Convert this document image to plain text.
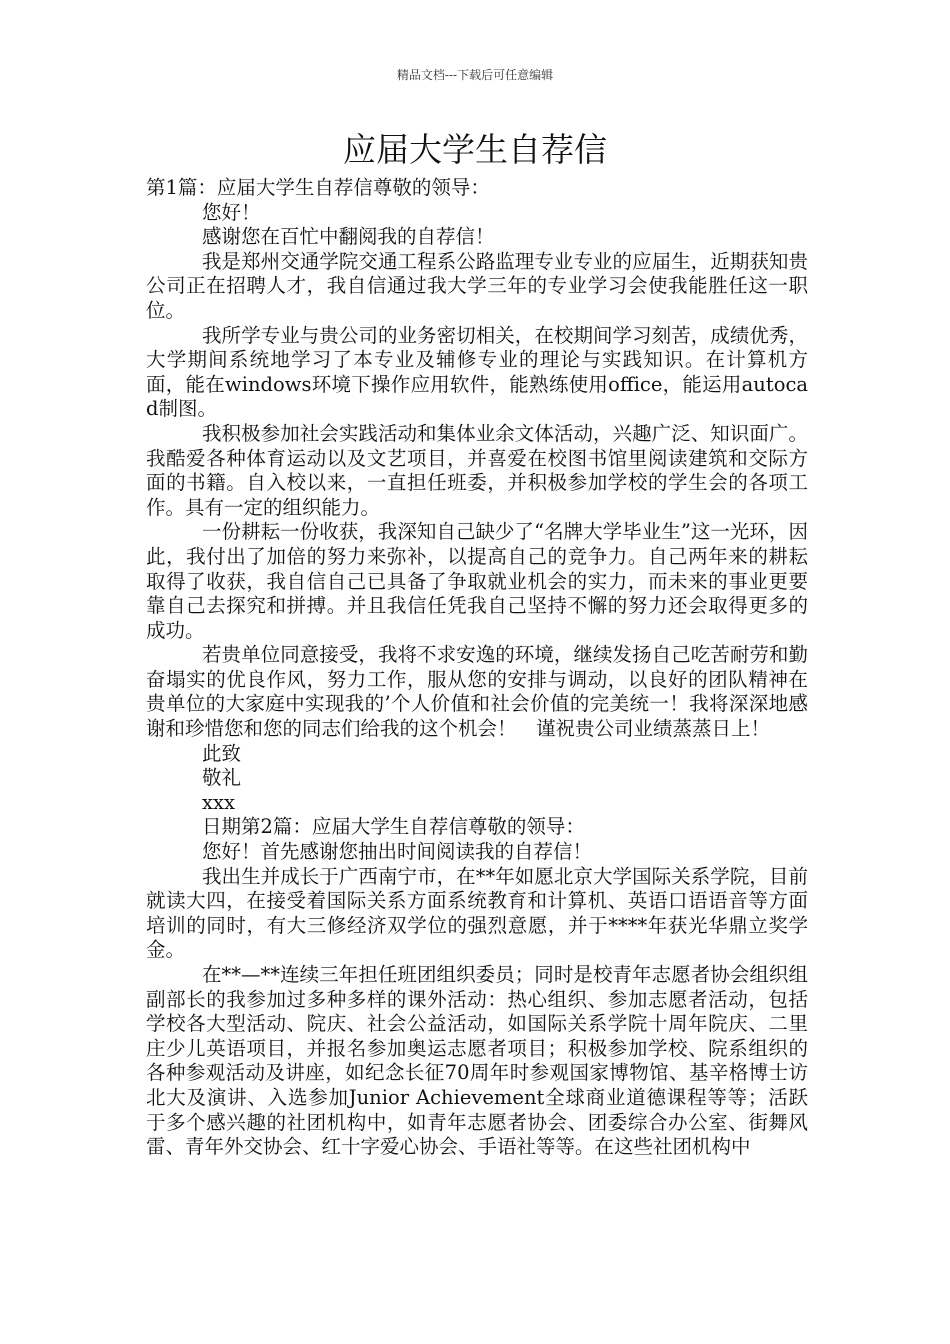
精品文档---下载后可任意编辑
应届大学生自荐信

第1篇：应届大学生自荐信尊敬的领导：

您好！

感谢您在百忙中翻阅我的自荐信！

我是郑州交通学院交通工程系公路监理专业专业的应届生，近期获知贵公司正在招聘人才，我自信通过我大学三年的专业学习会使我能胜任这一职位。

我所学专业与贵公司的业务密切相关，在校期间学习刻苦，成绩优秀，大学期间系统地学习了本专业及辅修专业的理论与实践知识。在计算机方面，能在windows环境下操作应用软件，能熟练使用office，能运用autocad制图。

我积极参加社会实践活动和集体业余文体活动，兴趣广泛、知识面广。我酷爱各种体育运动以及文艺项目，并喜爱在校图书馆里阅读建筑和交际方面的书籍。自入校以来，一直担任班委，并积极参加学校的学生会的各项工作。具有一定的组织能力。

一份耕耘一份收获，我深知自己缺少了“名牌大学毕业生”这一光环，因此，我付出了加倍的努力来弥补，以提高自己的竞争力。自己两年来的耕耘取得了收获，我自信自己已具备了争取就业机会的实力，而未来的事业更要靠自己去探究和拼搏。并且我信任凭我自己坚持不懈的努力还会取得更多的成功。

若贵单位同意接受，我将不求安逸的环境，继续发扬自己吃苦耐劳和勤奋塌实的优良作风，努力工作，服从您的安排与调动，以良好的团队精神在贵单位的大家庭中实现我的’个人价值和社会价值的完美统一！我将深深地感谢和珍惜您和您的同志们给我的这个机会！　谨祝贵公司业绩蒸蒸日上！

此致

敬礼

xxx

日期第2篇：应届大学生自荐信尊敬的领导：

您好！首先感谢您抽出时间阅读我的自荐信！

我出生并成长于广西南宁市，在**年如愿北京大学国际关系学院，目前就读大四，在接受着国际关系方面系统教育和计算机、英语口语语音等方面培训的同时，有大三修经济双学位的强烈意愿，并于****年获光华鼎立奖学金。

在**—**连续三年担任班团组织委员；同时是校青年志愿者协会组织组副部长的我参加过多种多样的课外活动：热心组织、参加志愿者活动，包括学校各大型活动、院庆、社会公益活动，如国际关系学院十周年院庆、二里庄少儿英语项目，并报名参加奥运志愿者项目；积极参加学校、院系组织的各种参观活动及讲座，如纪念长征70周年时参观国家博物馆、基辛格博士访北大及演讲、入选参加Junior Achievement全球商业道德课程等等；活跃于多个感兴趣的社团机构中，如青年志愿者协会、团委综合办公室、街舞风雷、青年外交协会、红十字爱心协会、手语社等等。在这些社团机构中
